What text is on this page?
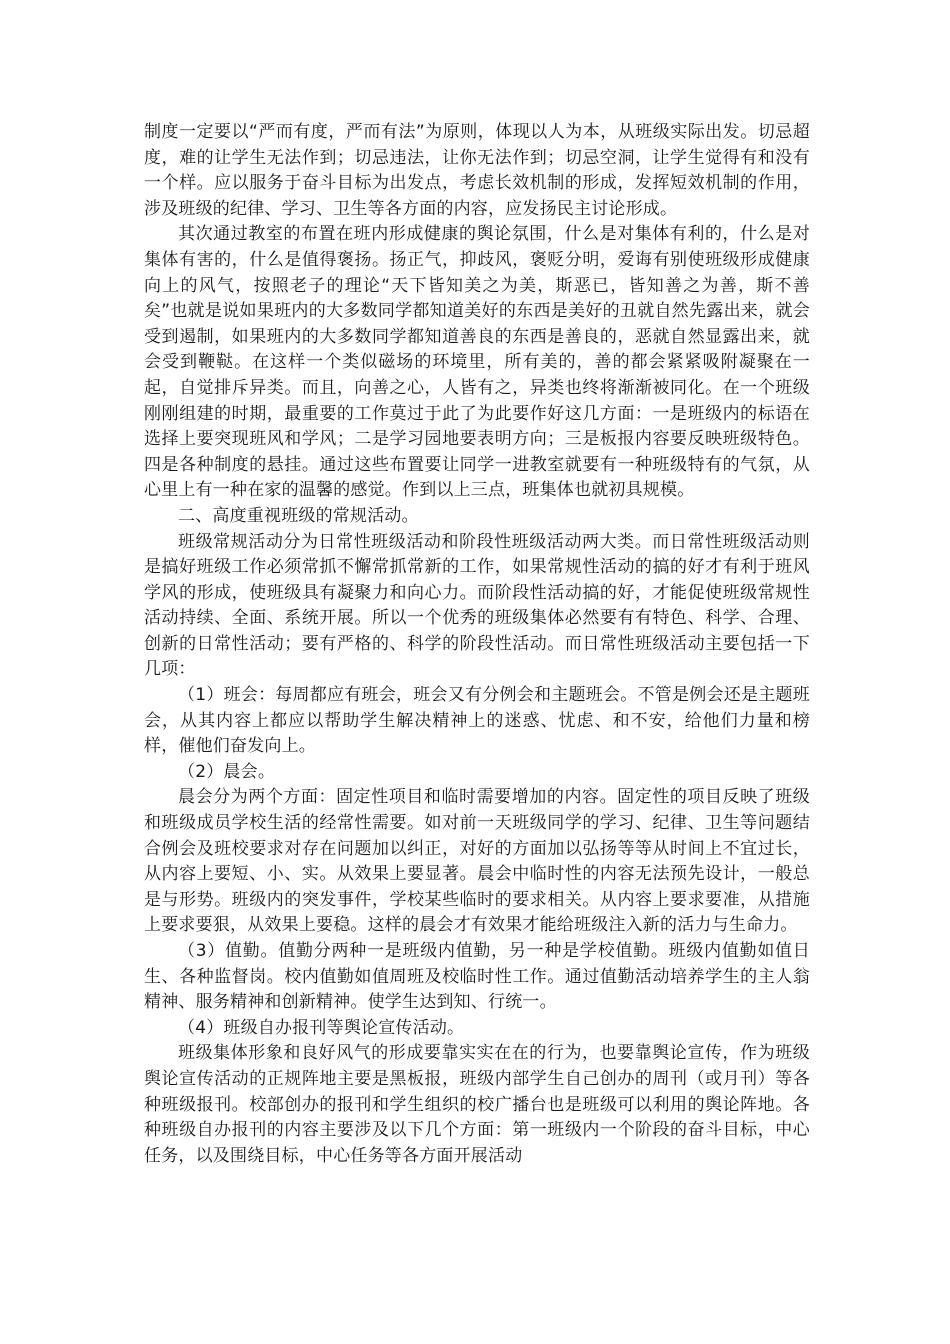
制度一定要以“严而有度，严而有法”为原则，体现以人为本，从班级实际出发。切忌超度，难的让学生无法作到；切忌违法，让你无法作到；切忌空洞，让学生觉得有和没有一个样。应以服务于奋斗目标为出发点，考虑长效机制的形成，发挥短效机制的作用，涉及班级的纪律、学习、卫生等各方面的内容，应发扬民主讨论形成。

其次通过教室的布置在班内形成健康的舆论氛围，什么是对集体有利的，什么是对集体有害的，什么是值得褒扬。扬正气，抑歧风，褒贬分明，爱诲有别使班级形成健康向上的风气，按照老子的理论“天下皆知美之为美，斯恶已，皆知善之为善，斯不善矣”也就是说如果班内的大多数同学都知道美好的东西是美好的丑就自然先露出来，就会受到遏制，如果班内的大多数同学都知道善良的东西是善良的，恶就自然显露出来，就会受到鞭鞑。在这样一个类似磁场的环境里，所有美的，善的都会紧紧吸附凝聚在一起，自觉排斥异类。而且，向善之心，人皆有之，异类也终将渐渐被同化。在一个班级刚刚组建的时期，最重要的工作莫过于此了为此要作好这几方面：一是班级内的标语在选择上要突现班风和学风；二是学习园地要表明方向；三是板报内容要反映班级特色。四是各种制度的悬挂。通过这些布置要让同学一进教室就要有一种班级特有的气氛，从心里上有一种在家的温馨的感觉。作到以上三点，班集体也就初具规模。

二、高度重视班级的常规活动。

班级常规活动分为日常性班级活动和阶段性班级活动两大类。而日常性班级活动则是搞好班级工作必须常抓不懈常抓常新的工作，如果常规性活动的搞的好才有利于班风学风的形成，使班级具有凝聚力和向心力。而阶段性活动搞的好，才能促使班级常规性活动持续、全面、系统开展。所以一个优秀的班级集体必然要有有特色、科学、合理、创新的日常性活动；要有严格的、科学的阶段性活动。而日常性班级活动主要包括一下几项：

（1）班会：每周都应有班会，班会又有分例会和主题班会。不管是例会还是主题班会，从其内容上都应以帮助学生解决精神上的迷惑、忧虑、和不安，给他们力量和榜样，催他们奋发向上。

（2）晨会。

晨会分为两个方面：固定性项目和临时需要增加的内容。固定性的项目反映了班级和班级成员学校生活的经常性需要。如对前一天班级同学的学习、纪律、卫生等问题结合例会及班校要求对存在问题加以纠正，对好的方面加以弘扬等等从时间上不宜过长，从内容上要短、小、实。从效果上要显著。晨会中临时性的内容无法预先设计，一般总是与形势。班级内的突发事件，学校某些临时的要求相关。从内容上要求要准，从措施上要求要狠，从效果上要稳。这样的晨会才有效果才能给班级注入新的活力与生命力。

（3）值勤。值勤分两种一是班级内值勤，另一种是学校值勤。班级内值勤如值日生、各种监督岗。校内值勤如值周班及校临时性工作。通过值勤活动培养学生的主人翁精神、服务精神和创新精神。使学生达到知、行统一。

（4）班级自办报刊等舆论宣传活动。

班级集体形象和良好风气的形成要靠实实在在的行为，也要靠舆论宣传，作为班级舆论宣传活动的正规阵地主要是黑板报，班级内部学生自己创办的周刊（或月刊）等各种班级报刊。校部创办的报刊和学生组织的校广播台也是班级可以利用的舆论阵地。各种班级自办报刊的内容主要涉及以下几个方面：第一班级内一个阶段的奋斗目标，中心任务，以及围绕目标，中心任务等各方面开展活动
